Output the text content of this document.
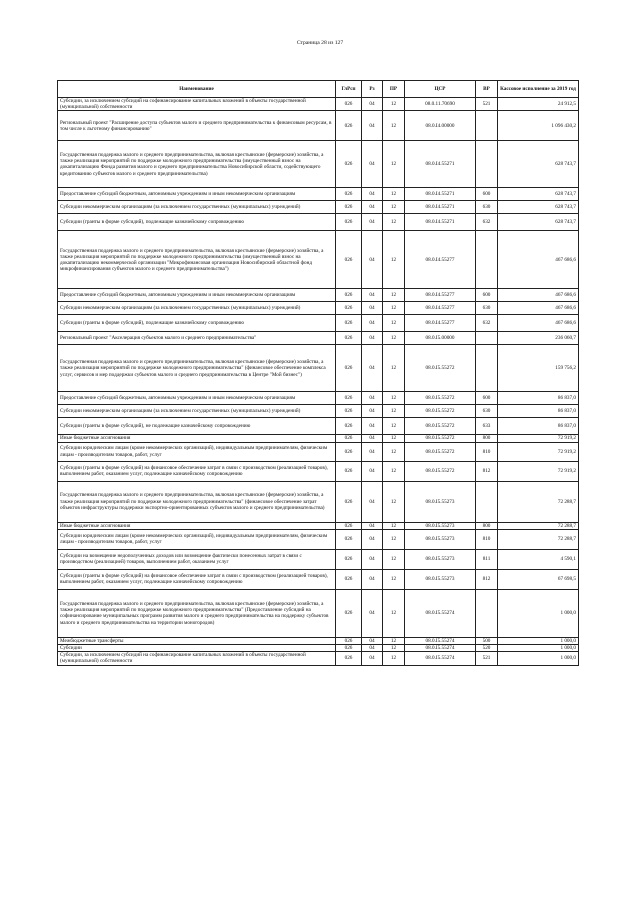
Страница 28 из 127
Наименование	ГлРсп	Рз	ПР	ЦСР	ВР	Кассовое исполнение за 2019 год
Субсидии, за исключением субсидий на софинансирование капитальных вложений в объекты государственной (муниципальной) собственности	026	04	12	08.0.11.70690	521	24 912,5
Региональный проект "Расширение доступа субъектов малого и среднего предпринимательства к финансовым ресурсам, в том числе к льготному финансированию"	026	04	12	08.0.I4.00000		1 096 430,2
Государственная поддержка малого и среднего предпринимательства, включая крестьянские (фермерские) хозяйства, а также реализация мероприятий по поддержке молодежного предпринимательства (имущественный взнос на докапитализацию Фонда развития малого и среднего предпринимательства Новосибирской области, содействующего кредитованию субъектов малого и среднего предпринимательства)	026	04	12	08.0.I4.55271		628 743,7
Предоставление субсидий бюджетным, автономным учреждениям и иным некоммерческим организациям	026	04	12	08.0.I4.55271	600	628 743,7
Субсидии некоммерческим организациям (за исключением государственных (муниципальных) учреждений)	026	04	12	08.0.I4.55271	630	628 743,7
Субсидии (гранты в форме субсидий), подлежащие казначейскому сопровождению	026	04	12	08.0.I4.55271	632	628 743,7
Государственная поддержка малого и среднего предпринимательства, включая крестьянские (фермерские) хозяйства, а также реализация мероприятий по поддержке молодежного предпринимательства (имущественный взнос на докапитализацию некоммерческой организации "Микрофинансовая организация Новосибирский областной фонд микрофинансирования субъектов малого и среднего предпринимательства")	026	04	12	08.0.I4.55277		467 686,6
Предоставление субсидий бюджетным, автономным учреждениям и иным некоммерческим организациям	026	04	12	08.0.I4.55277	600	467 686,6
Субсидии некоммерческим организациям (за исключением государственных (муниципальных) учреждений)	026	04	12	08.0.I4.55277	630	467 686,6
Субсидии (гранты в форме субсидий), подлежащие казначейскому сопровождению	026	04	12	08.0.I4.55277	632	467 686,6
Региональный проект "Акселерация субъектов малого и среднего предпринимательства"	026	04	12	08.0.I5.00000		236 060,7
Государственная поддержка малого и среднего предпринимательства, включая крестьянские (фермерские) хозяйства, а также реализация мероприятий по поддержке молодежного предпринимательства" (финансовое обеспечение комплекса услуг, сервисов и мер поддержки субъектов малого и среднего предпринимательства в Центре "Мой бизнес")	026	04	12	08.0.I5.55272		159 756,2
Предоставление субсидий бюджетным, автономным учреждениям и иным некоммерческим организациям	026	04	12	08.0.I5.55272	600	86 837,0
Субсидии некоммерческим организациям (за исключением государственных (муниципальных) учреждений)	026	04	12	08.0.I5.55272	630	86 837,0
Субсидии (гранты в форме субсидий), не подлежащие казначейскому сопровождению	026	04	12	08.0.I5.55272	633	86 837,0
Иные бюджетные ассигнования	026	04	12	08.0.I5.55272	800	72 919,2
Субсидии юридическим лицам (кроме некоммерческих организаций), индивидуальным предпринимателям, физическим лицам - производителям товаров, работ, услуг	026	04	12	08.0.I5.55272	810	72 919,2
Субсидии (гранты в форме субсидий) на финансовое обеспечение затрат в связи с производством (реализацией товаров), выполнением работ, оказанием услуг, подлежащие казначейскому сопровождению	026	04	12	08.0.I5.55272	812	72 919,2
Государственная поддержка малого и среднего предпринимательства, включая крестьянские (фермерские) хозяйства, а также реализация мероприятий по поддержке молодежного предпринимательства" (финансовое обеспечение затрат объектов инфраструктуры поддержки экспортно-ориентированных субъектов малого и среднего предпринимательства)	026	04	12	08.0.I5.55273		72 288,7
Иные бюджетные ассигнования	026	04	12	08.0.I5.55273	800	72 288,7
Субсидии юридическим лицам (кроме некоммерческих организаций), индивидуальным предпринимателям, физическим лицам - производителям товаров, работ, услуг	026	04	12	08.0.I5.55273	810	72 288,7
Субсидии на возмещение недополученных доходов или возмещение фактически понесенных затрат в связи с производством (реализацией) товаров, выполнением работ, оказанием услуг	026	04	12	08.0.I5.55273	811	4 590,1
Субсидии (гранты в форме субсидий) на финансовое обеспечение затрат в связи с производством (реализацией товаров), выполнением работ, оказанием услуг, подлежащие казначейскому сопровождению	026	04	12	08.0.I5.55273	812	67 698,5
Государственная поддержка малого и среднего предпринимательства, включая крестьянские (фермерские) хозяйства, а также реализация мероприятий по поддержке молодежного предпринимательства" (Предоставление субсидий на софинансирование муниципальных программ развития малого и среднего предпринимательства на поддержку субъектов малого и среднего предпринимательства на территории моногородов)	026	04	12	08.0.I5.55274		1 000,0
Межбюджетные трансферты	026	04	12	08.0.I5.55274	500	1 000,0
Субсидии	026	04	12	08.0.I5.55274	520	1 000,0
Субсидии, за исключением субсидий на софинансирование капитальных вложений в объекты государственной (муниципальной) собственности	026	04	12	08.0.I5.55274	521	1 000,0
